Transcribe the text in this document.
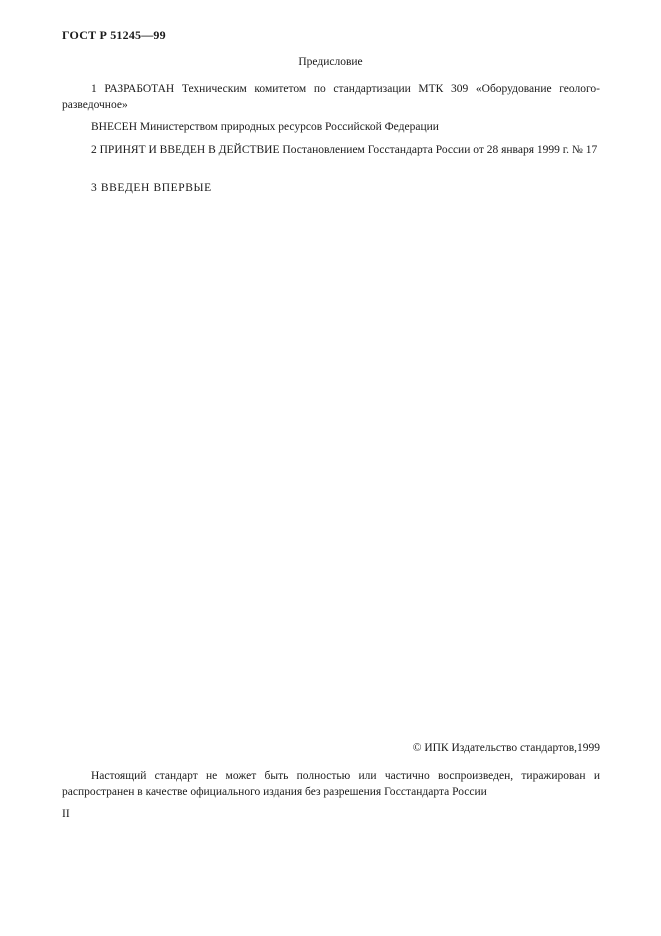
ГОСТ Р 51245—99
Предисловие
1 РАЗРАБОТАН Техническим комитетом по стандартизации МТК 309 «Оборудование геолого-разведочное»
ВНЕСЕН Министерством природных ресурсов Российской Федерации
2 ПРИНЯТ И ВВЕДЕН В ДЕЙСТВИЕ Постановлением Госстандарта России от 28 января 1999 г. № 17
3 ВВЕДЕН ВПЕРВЫЕ
© ИПК Издательство стандартов,1999
Настоящий стандарт не может быть полностью или частично воспроизведен, тиражирован и распространен в качестве официального издания без разрешения Госстандарта России
II
